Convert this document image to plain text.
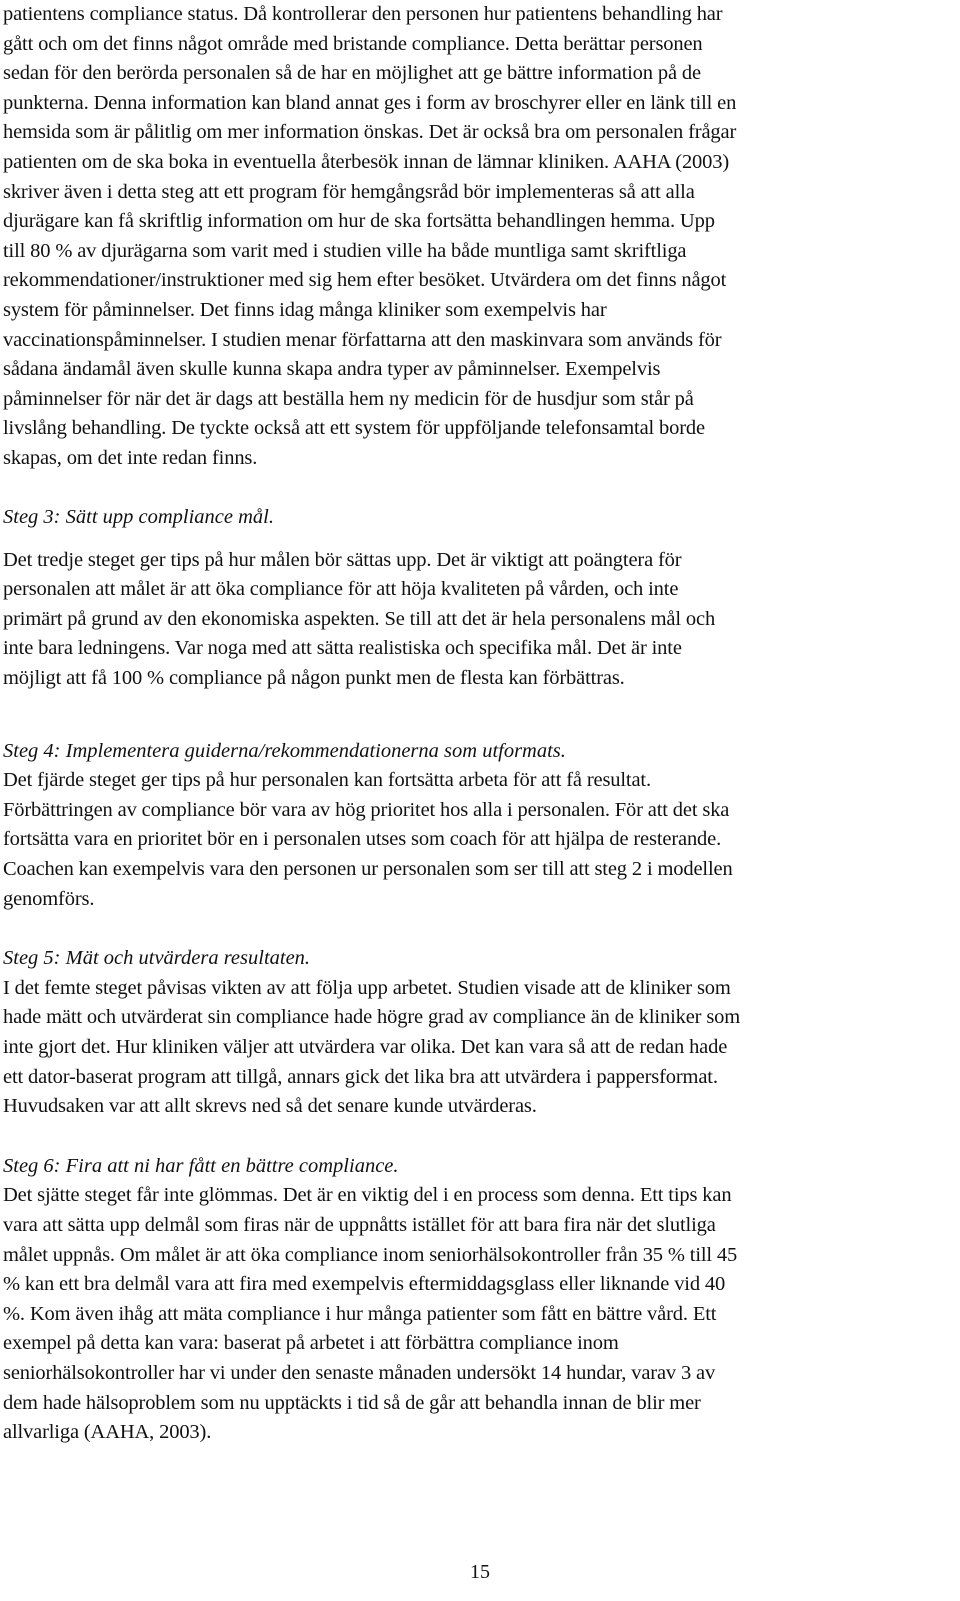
patientens compliance status. Då kontrollerar den personen hur patientens behandling har
gått och om det finns något område med bristande compliance. Detta berättar personen
sedan för den berörda personalen så de har en möjlighet att ge bättre information på de
punkterna. Denna information kan bland annat ges i form av broschyrer eller en länk till en
hemsida som är pålitlig om mer information önskas. Det är också bra om personalen frågar
patienten om de ska boka in eventuella återbesök innan de lämnar kliniken. AAHA (2003)
skriver även i detta steg att ett program för hemgångsråd bör implementeras så att alla
djurägare kan få skriftlig information om hur de ska fortsätta behandlingen hemma. Upp
till 80 % av djurägarna som varit med i studien ville ha både muntliga samt skriftliga
rekommendationer/instruktioner med sig hem efter besöket. Utvärdera om det finns något
system för påminnelser. Det finns idag många kliniker som exempelvis har
vaccinationspåminnelser. I studien menar författarna att den maskinvara som används för
sådana ändamål även skulle kunna skapa andra typer av påminnelser. Exempelvis
påminnelser för när det är dags att beställa hem ny medicin för de husdjur som står på
livslång behandling. De tyckte också att ett system för uppföljande telefonsamtal borde
skapas, om det inte redan finns.

Steg 3: Sätt upp compliance mål.

Det tredje steget ger tips på hur målen bör sättas upp. Det är viktigt att poängtera för
personalen att målet är att öka compliance för att höja kvaliteten på vården, och inte
primärt på grund av den ekonomiska aspekten. Se till att det är hela personalens mål och
inte bara ledningens. Var noga med att sätta realistiska och specifika mål. Det är inte
möjligt att få 100 % compliance på någon punkt men de flesta kan förbättras.

Steg 4: Implementera guiderna/rekommendationerna som utformats.

Det fjärde steget ger tips på hur personalen kan fortsätta arbeta för att få resultat.
Förbättringen av compliance bör vara av hög prioritet hos alla i personalen. För att det ska
fortsätta vara en prioritet bör en i personalen utses som coach för att hjälpa de resterande.
Coachen kan exempelvis vara den personen ur personalen som ser till att steg 2 i modellen
genomförs.

Steg 5: Mät och utvärdera resultaten.

I det femte steget påvisas vikten av att följa upp arbetet. Studien visade att de kliniker som
hade mätt och utvärderat sin compliance hade högre grad av compliance än de kliniker som
inte gjort det. Hur kliniken väljer att utvärdera var olika. Det kan vara så att de redan hade
ett dator-baserat program att tillgå, annars gick det lika bra att utvärdera i pappersformat.
Huvudsaken var att allt skrevs ned så det senare kunde utvärderas.

Steg 6: Fira att ni har fått en bättre compliance.

Det sjätte steget får inte glömmas. Det är en viktig del i en process som denna. Ett tips kan
vara att sätta upp delmål som firas när de uppnåtts istället för att bara fira när det slutliga
målet uppnås. Om målet är att öka compliance inom seniorhälsokontroller från 35 % till 45
% kan ett bra delmål vara att fira med exempelvis eftermiddagsglass eller liknande vid 40
%. Kom även ihåg att mäta compliance i hur många patienter som fått en bättre vård. Ett
exempel på detta kan vara: baserat på arbetet i att förbättra compliance inom
seniorhälsokontroller har vi under den senaste månaden undersökt 14 hundar, varav 3 av
dem hade hälsoproblem som nu upptäckts i tid så de går att behandla innan de blir mer
allvarliga (AAHA, 2003).

15
